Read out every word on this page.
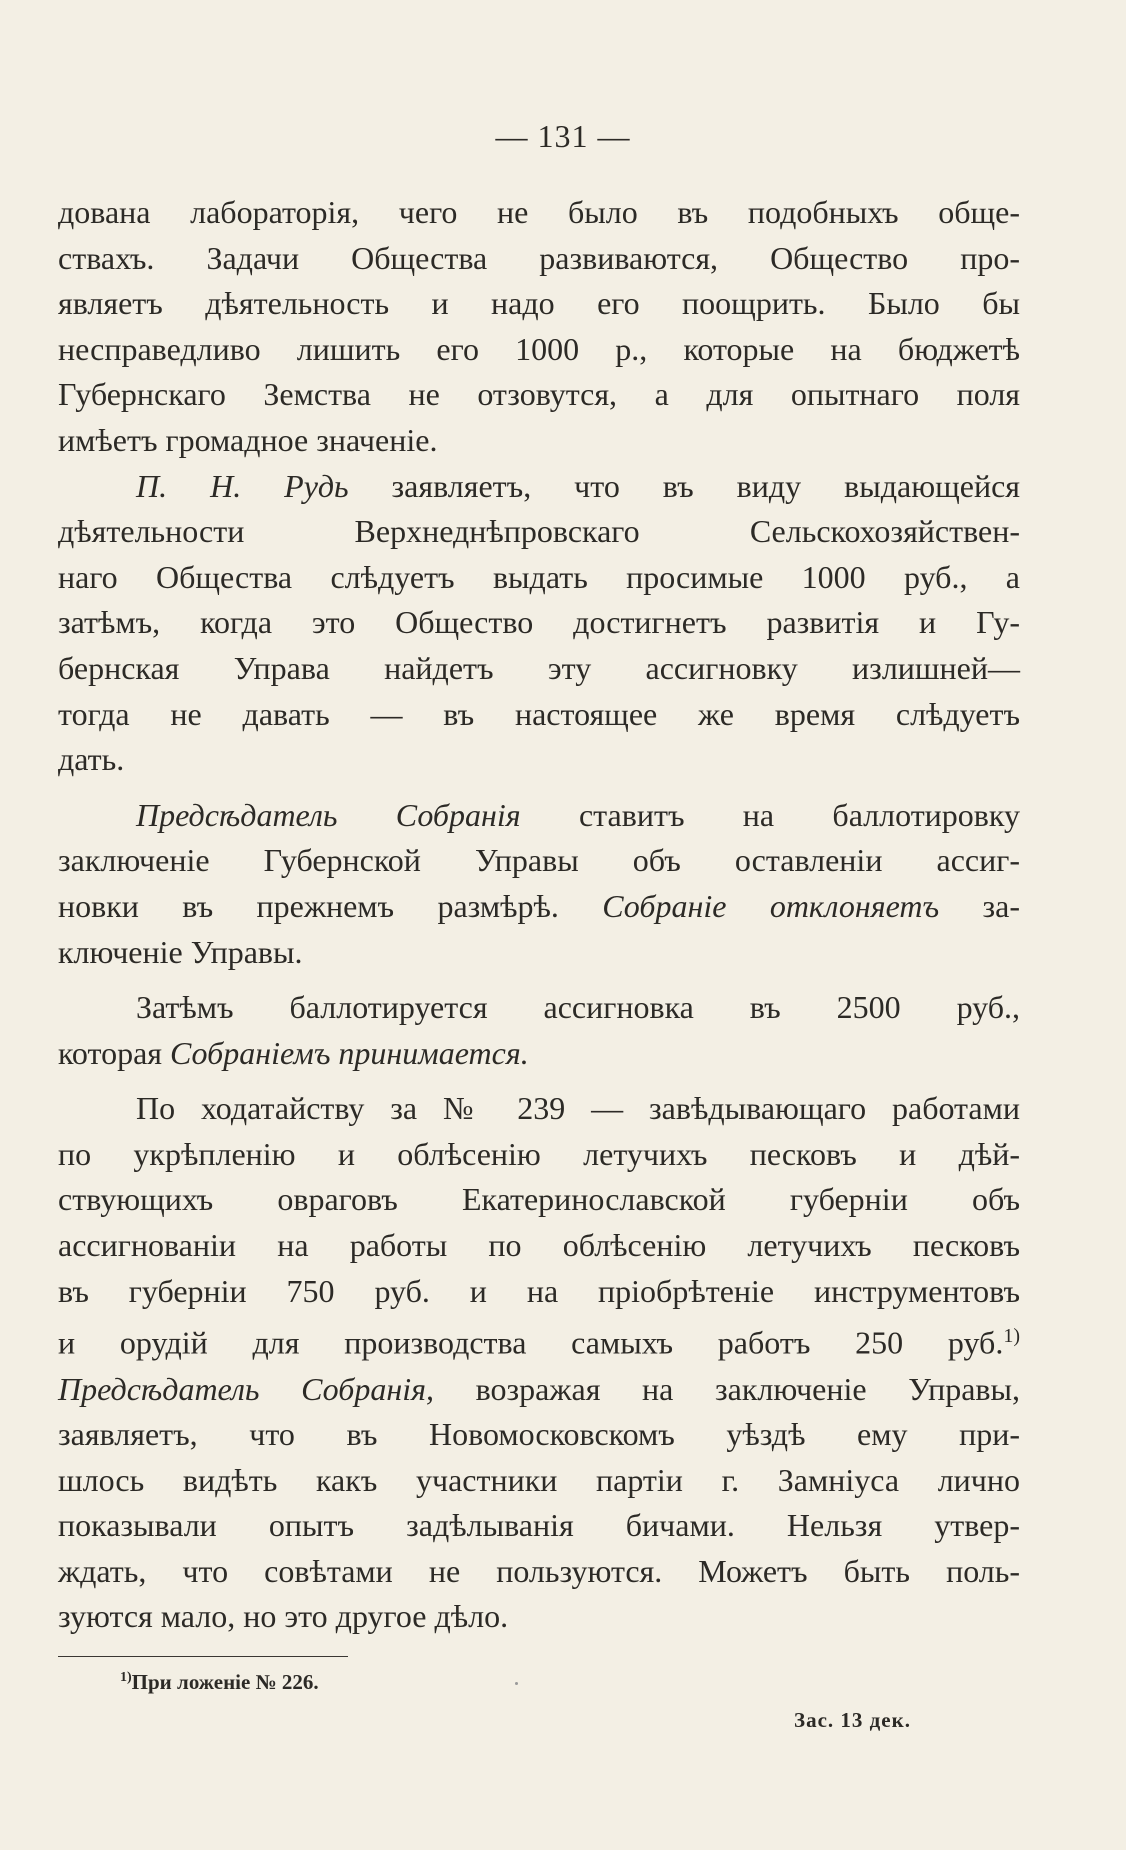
— 131 —
дована лабораторія, чего не было въ подобныхъ обще-
ствахъ. Задачи Общества развиваются, Общество про-
являетъ дѣятельность и надо его поощрить. Было бы
несправедливо лишить его 1000 р., которые на бюджетѣ
Губернскаго Земства не отзовутся, а для опытнаго поля
имѣетъ громадное значеніе.
П. Н. Рудь заявляетъ, что въ виду выдающейся
дѣятельности Верхнеднѣпровскаго Сельскохозяйствен-
наго Общества слѣдуетъ выдать просимые 1000 руб., а
затѣмъ, когда это Общество достигнетъ развитія и Гу-
бернская Управа найдетъ эту ассигновку излишней—
тогда не давать — въ настоящее же время слѣдуетъ
дать.
Предсѣдатель Собранія ставитъ на баллотировку
заключеніе Губернской Управы объ оставленіи ассиг-
новки въ прежнемъ размѣрѣ. Собраніе отклоняетъ за-
ключеніе Управы.
Затѣмъ баллотируется ассигновка въ 2500 руб.,
которая Собраніемъ принимается.
По ходатайству за № 239 — завѣдывающаго работами
по укрѣпленію и облѣсенію летучихъ песковъ и дѣй-
ствующихъ овраговъ Екатеринославской губерніи объ
ассигнованіи на работы по облѣсенію летучихъ песковъ
въ губерніи 750 руб. и на пріобрѣтеніе инструментовъ
и орудій для производства самыхъ работъ 250 руб.$^{1)}$
Предсѣдатель Собранія, возражая на заключеніе Управы,
заявляетъ, что въ Новомосковскомъ уѣздѣ ему при-
шлось видѣть какъ участники партіи г. Замніуса лично
показывали опытъ задѣлыванія бичами. Нельзя утвер-
ждать, что совѣтами не пользуются. Можетъ быть поль-
зуются мало, но это другое дѣло.
$^{1)}$При ложеніе № 226.
Зас. 13 дек.
